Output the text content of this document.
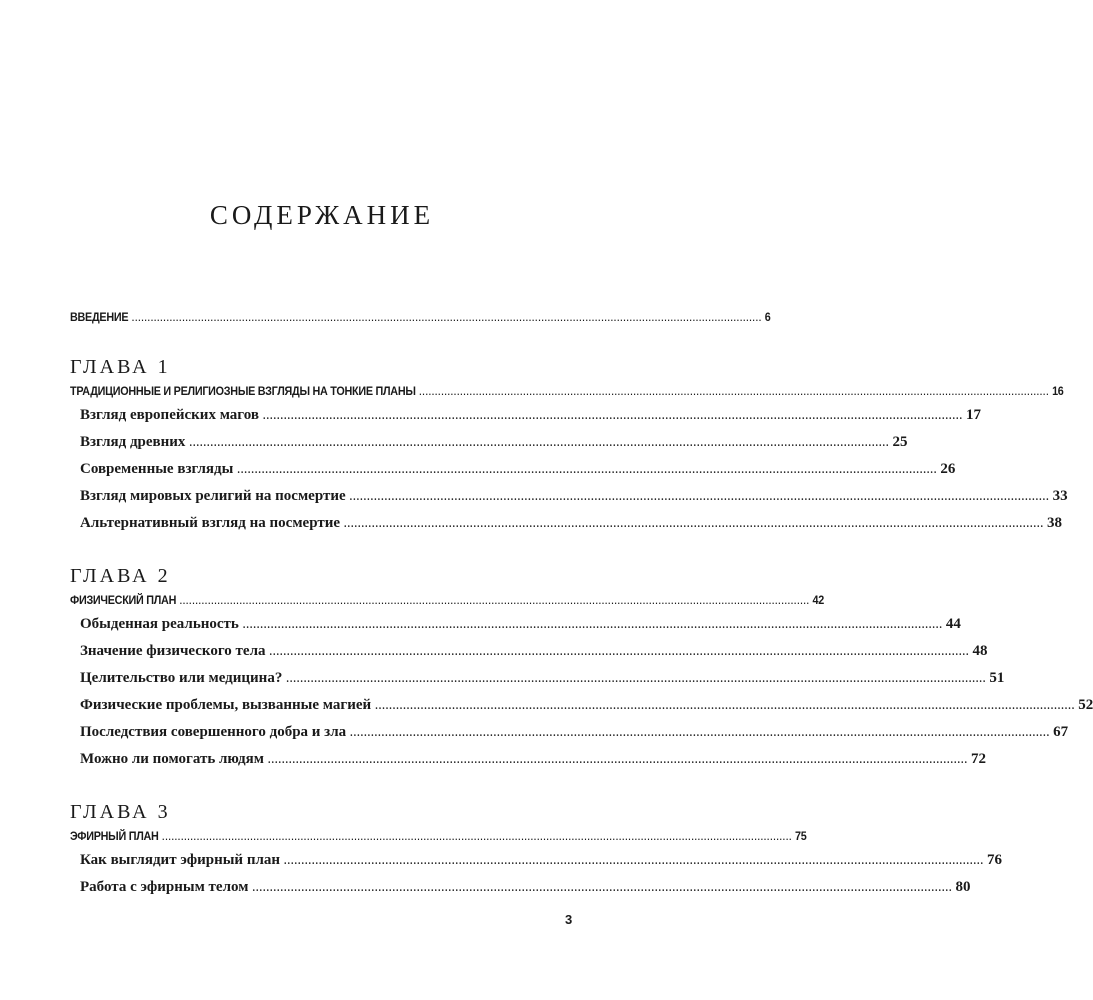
СОДЕРЖАНИЕ
ВВЕДЕНИЕ ........................................................................................................................................................................................................ 6
ГЛАВА 1
ТРАДИЦИОННЫЕ И РЕЛИГИОЗНЫЕ ВЗГЛЯДЫ НА ТОНКИЕ ПЛАНЫ ........................................................................................................................................................................................................ 16
Взгляд европейских магов ........................................................................................................................................................................................................ 17
Взгляд древних ........................................................................................................................................................................................................ 25
Современные взгляды ........................................................................................................................................................................................................ 26
Взгляд мировых религий на посмертие ........................................................................................................................................................................................................ 33
Альтернативный взгляд на посмертие ........................................................................................................................................................................................................ 38
ГЛАВА 2
ФИЗИЧЕСКИЙ ПЛАН ........................................................................................................................................................................................................ 42
Обыденная реальность ........................................................................................................................................................................................................ 44
Значение физического тела ........................................................................................................................................................................................................ 48
Целительство или медицина? ........................................................................................................................................................................................................ 51
Физические проблемы, вызванные магией ........................................................................................................................................................................................................ 52
Последствия совершенного добра и зла ........................................................................................................................................................................................................ 67
Можно ли помогать людям ........................................................................................................................................................................................................ 72
ГЛАВА 3
ЭФИРНЫЙ ПЛАН ........................................................................................................................................................................................................ 75
Как выглядит эфирный план ........................................................................................................................................................................................................ 76
Работа с эфирным телом ........................................................................................................................................................................................................ 80
3
